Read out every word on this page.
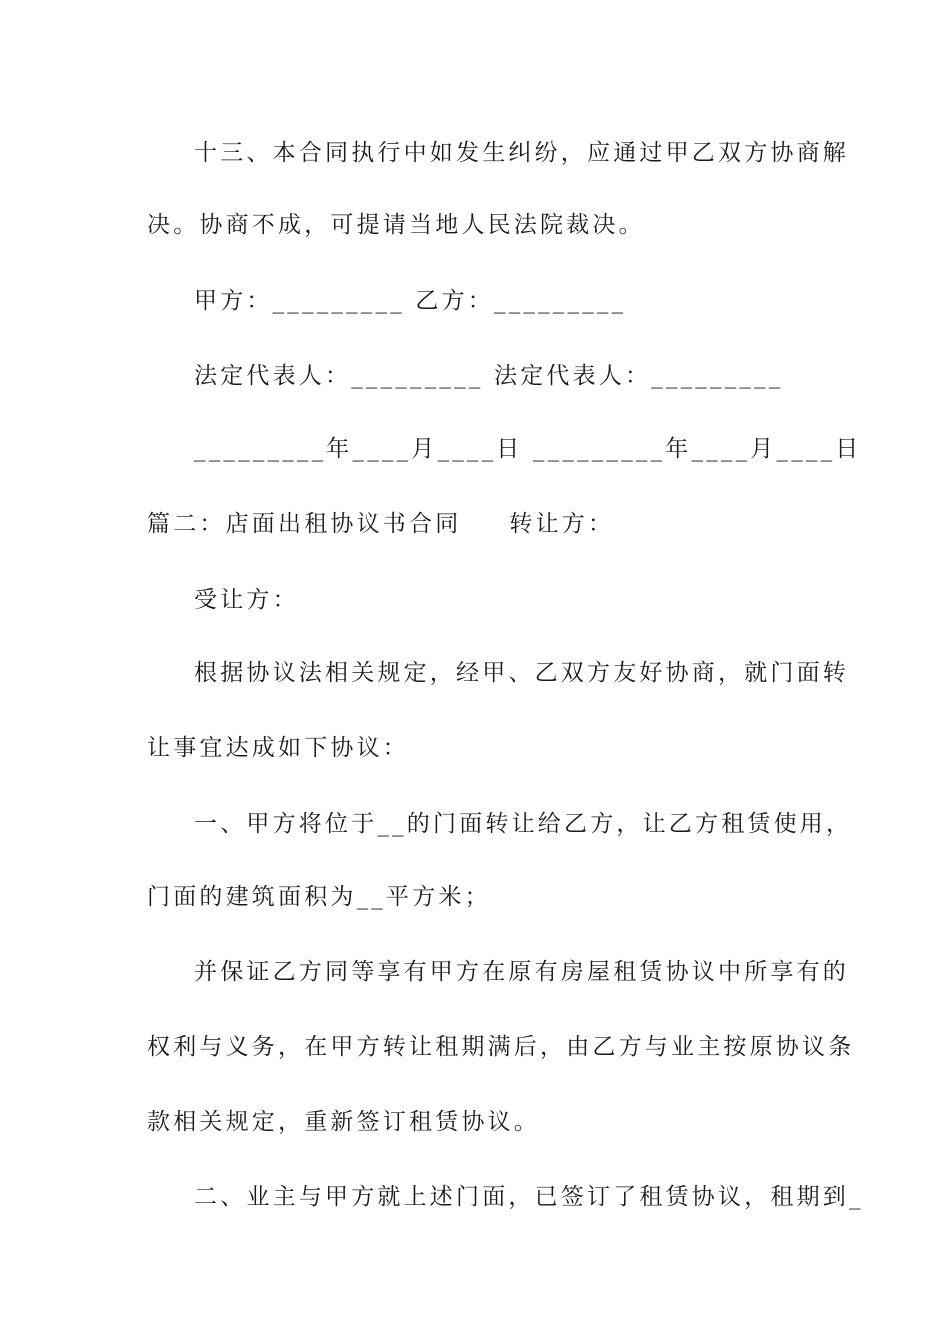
十三、本合同执行中如发生纠纷，应通过甲乙双方协商解
决。协商不成，可提请当地人民法院裁决。
甲方：_________ 乙方：_________
法定代表人：_________ 法定代表人：_________
_________年____月____日 _________年____月____日
篇二：店面出租协议书合同 转让方：
受让方：
根据协议法相关规定，经甲、乙双方友好协商，就门面转
让事宜达成如下协议：
一、甲方将位于__的门面转让给乙方，让乙方租赁使用，
门面的建筑面积为__平方米；
并保证乙方同等享有甲方在原有房屋租赁协议中所享有的
权利与义务，在甲方转让租期满后，由乙方与业主按原协议条
款相关规定，重新签订租赁协议。
二、业主与甲方就上述门面，已签订了租赁协议，租期到_
